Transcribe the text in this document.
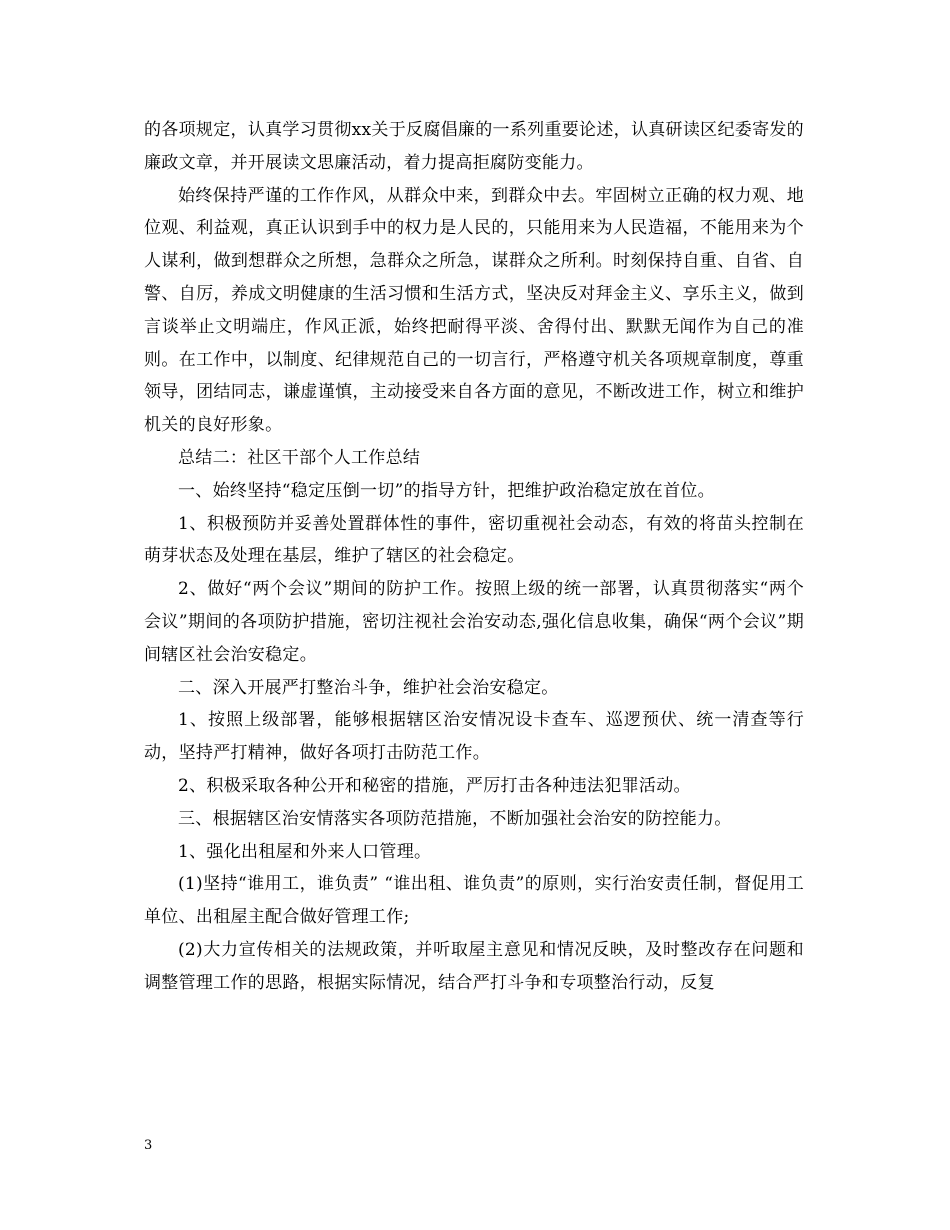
的各项规定，认真学习贯彻xx关于反腐倡廉的一系列重要论述，认真研读区纪委寄发的廉政文章，并开展读文思廉活动，着力提高拒腐防变能力。

始终保持严谨的工作作风，从群众中来，到群众中去。牢固树立正确的权力观、地位观、利益观，真正认识到手中的权力是人民的，只能用来为人民造福，不能用来为个人谋利，做到想群众之所想，急群众之所急，谋群众之所利。时刻保持自重、自省、自警、自厉，养成文明健康的生活习惯和生活方式，坚决反对拜金主义、享乐主义，做到言谈举止文明端庄，作风正派，始终把耐得平淡、舍得付出、默默无闻作为自己的准则。在工作中，以制度、纪律规范自己的一切言行，严格遵守机关各项规章制度，尊重领导，团结同志，谦虚谨慎，主动接受来自各方面的意见，不断改进工作，树立和维护机关的良好形象。

总结二：社区干部个人工作总结

一、始终坚持“稳定压倒一切”的指导方针，把维护政治稳定放在首位。

1、积极预防并妥善处置群体性的事件，密切重视社会动态，有效的将苗头控制在萌芽状态及处理在基层，维护了辖区的社会稳定。

2、做好“两个会议”期间的防护工作。按照上级的统一部署，认真贯彻落实“两个会议”期间的各项防护措施，密切注视社会治安动态,强化信息收集，确保“两个会议”期间辖区社会治安稳定。

二、深入开展严打整治斗争，维护社会治安稳定。

1、按照上级部署，能够根据辖区治安情况设卡查车、巡逻预伏、统一清查等行动，坚持严打精神，做好各项打击防范工作。

2、积极采取各种公开和秘密的措施，严厉打击各种违法犯罪活动。

三、根据辖区治安情落实各项防范措施，不断加强社会治安的防控能力。

1、强化出租屋和外来人口管理。

(1)坚持“谁用工，谁负责” “谁出租、谁负责”的原则，实行治安责任制，督促用工单位、出租屋主配合做好管理工作;

(2)大力宣传相关的法规政策，并听取屋主意见和情况反映，及时整改存在问题和调整管理工作的思路，根据实际情况，结合严打斗争和专项整治行动，反复

3
